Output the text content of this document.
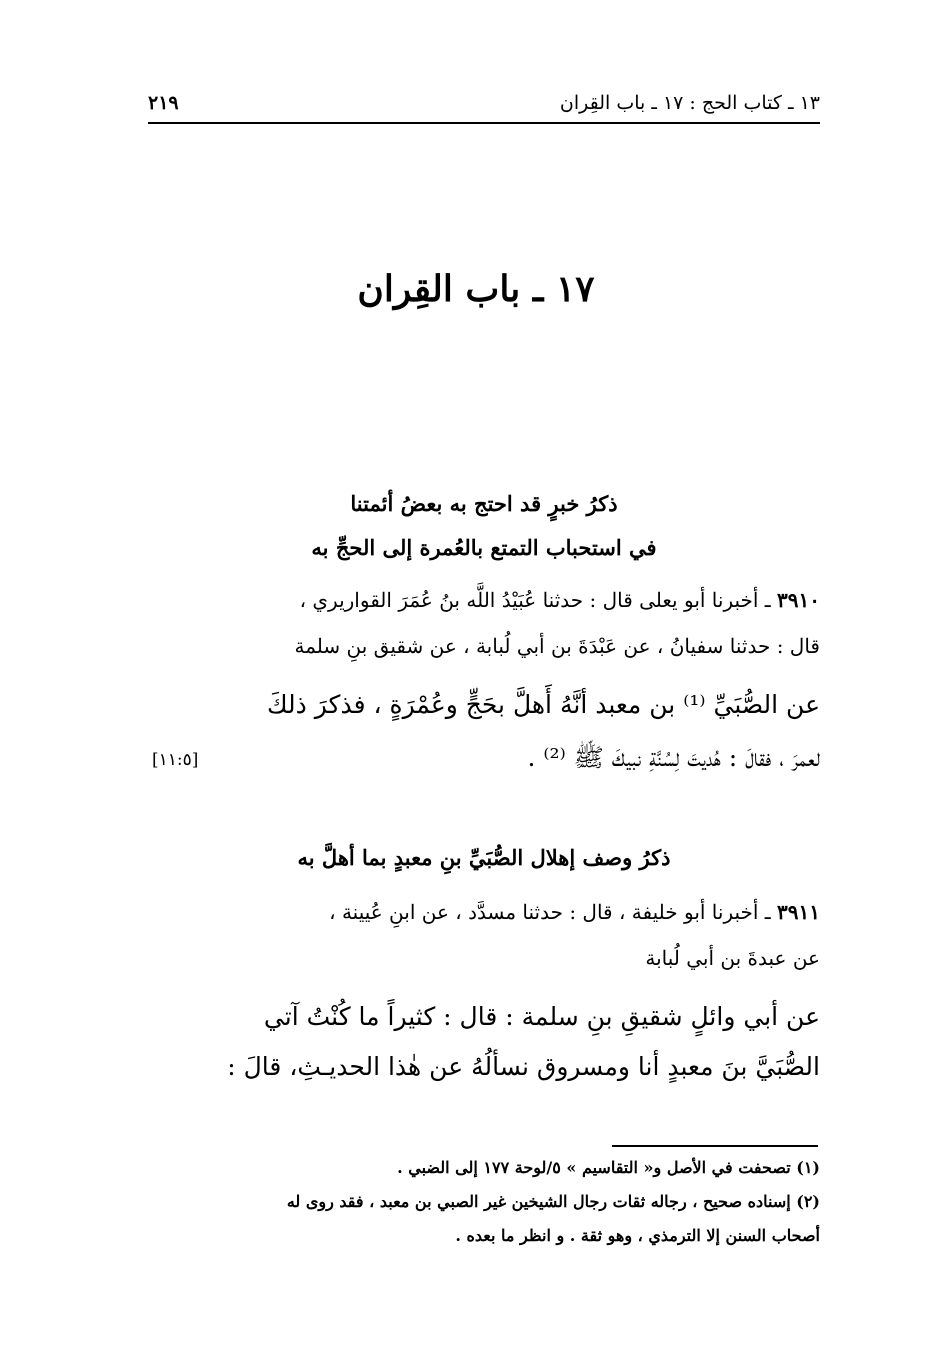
١٣ ـ كتاب الحج : ١٧ ـ باب القِران
٢١٩
١٧ ـ باب القِران
ذكرُ خبرٍ قد احتج به بعضُ أئمتنا
في استحباب التمتع بالعُمرة إلى الحجِّ به
٣٩١٠ ـ أخبرنا أبو يعلى قال : حدثنا عُبَيْدُ اللَّه بنُ عُمَرَ القواريري ،
قال : حدثنا سفيانُ ، عن عَبْدَةَ بن أبي لُبابة ، عن شقيق بنِ سلمة
عن الصُّبَيِّ ⁽¹⁾ بن معبد أنَّهُ أَهلَّ بحَجٍّ وعُمْرَةٍ ، فذكرَ ذلكَ
لعمرَ ، فقالَ : هُديتَ لِسُنَّةِ نبيكَ ﷺ ⁽²⁾ .
[١١:٥]
ذكرُ وصف إهلال الصُّبَيِّ بنِ معبدٍ بما أهلَّ به
٣٩١١ ـ أخبرنا أبو خليفة ، قال : حدثنا مسدَّد ، عن ابنِ عُيينة ،
عن عبدةَ بن أبي لُبابة
عن أبي وائلٍ شقيقِ بنِ سلمة : قال : كثيراً ما كُنْتُ آتي
الصُّبَيَّ بنَ معبدٍ أنا ومسروق نسألُهُ عن هٰذا الحديـثِ، قالَ :
(١) تصحفت في الأصل و« التقاسيم » ٥/لوحة ١٧٧ إلى الضبي .
(٢) إسناده صحيح ، رجاله ثقات رجال الشيخين غير الصبي بن معبد ، فقد روى له
أصحاب السنن إلا الترمذي ، وهو ثقة . و انظر ما بعده .
